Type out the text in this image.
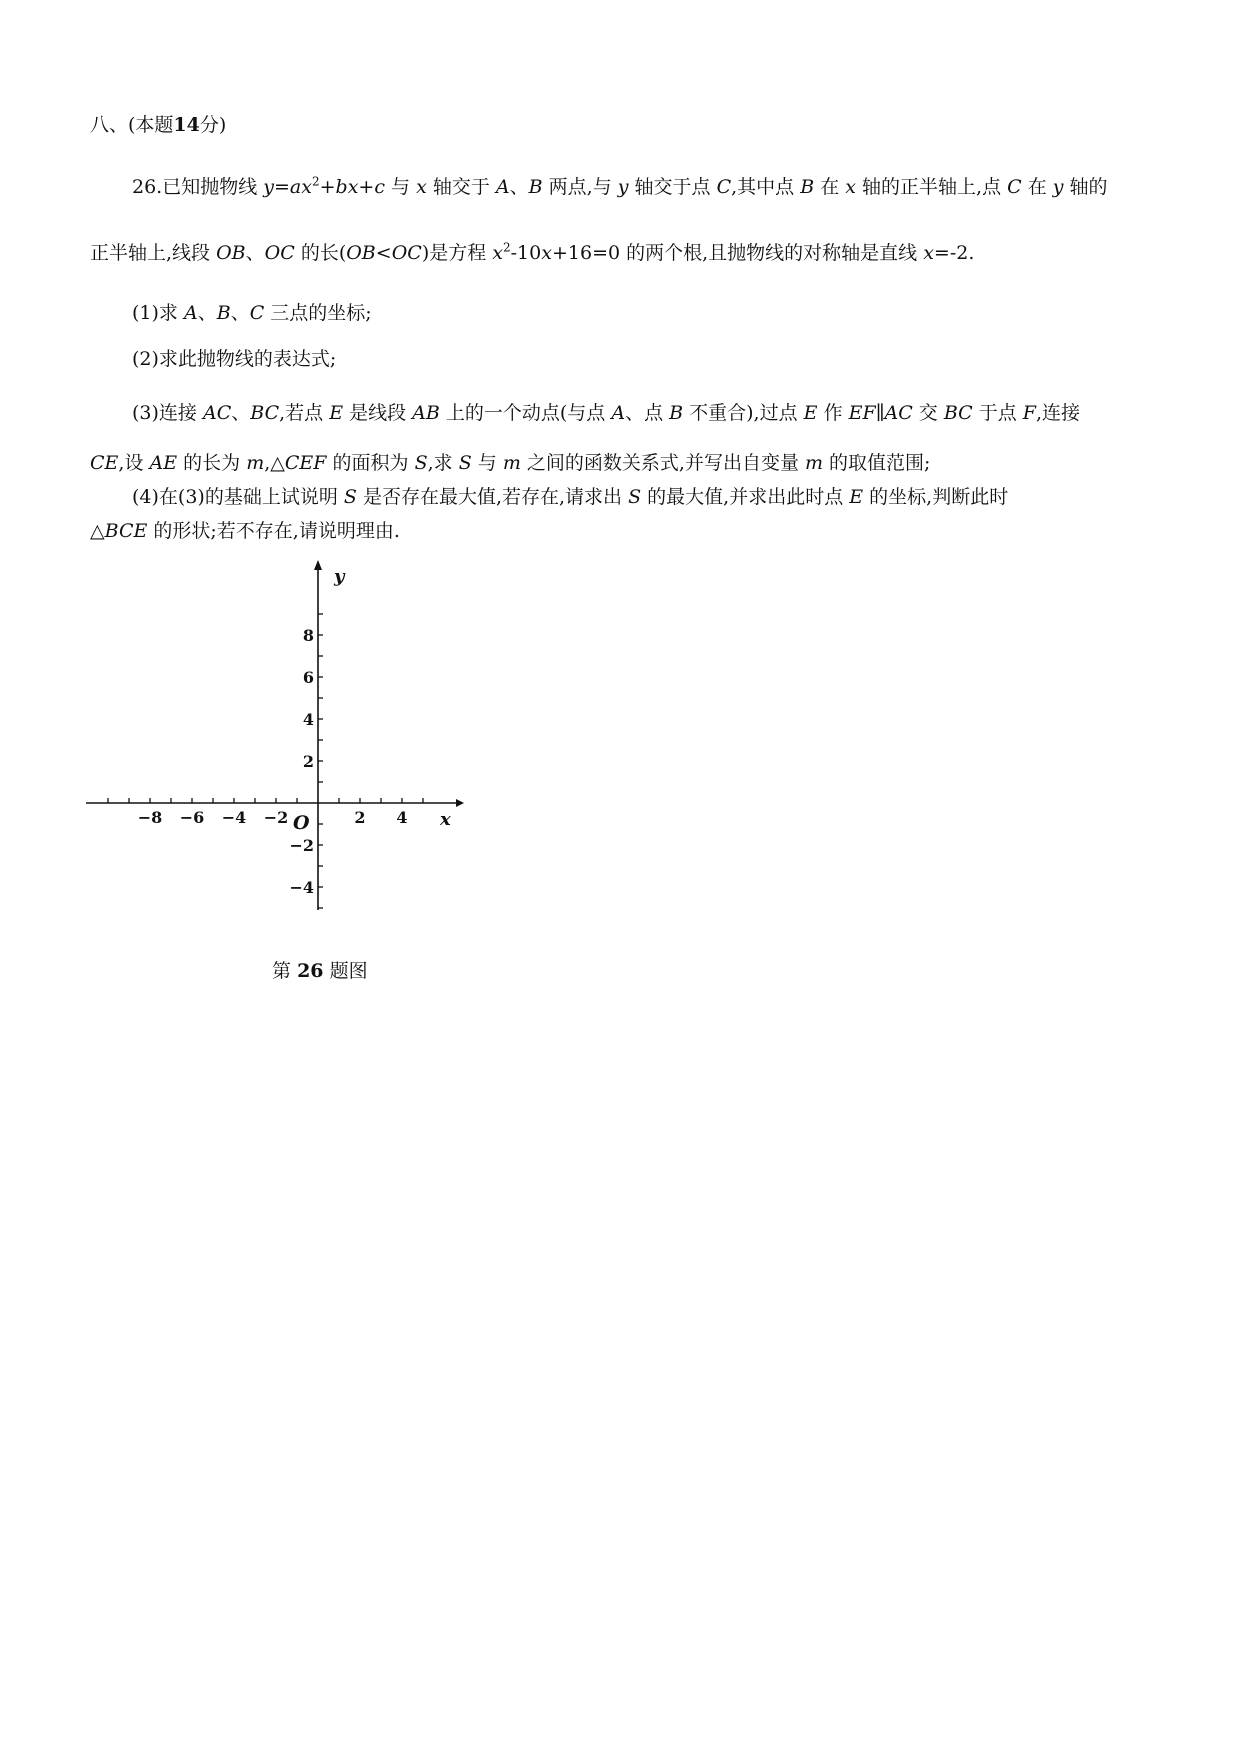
八、(本题14分)
26.已知抛物线 $y=ax^2+bx+c$ 与 x 轴交于 A、B 两点,与 y 轴交于点 C,其中点 B 在 x 轴的正半轴上,点 C 在 y 轴的
正半轴上,线段 OB、OC 的长(OB<OC)是方程 $x^2-10x+16=0$ 的两个根,且抛物线的对称轴是直线 x=-2.
(1)求 A、B、C 三点的坐标;
(2)求此抛物线的表达式;
(3)连接 AC、BC,若点 E 是线段 AB 上的一个动点(与点 A、点 B 不重合),过点 E 作 EF∥AC 交 BC 于点 F,连接
CE,设 AE 的长为 m,△CEF 的面积为 S,求 S 与 m 之间的函数关系式,并写出自变量 m 的取值范围;
(4)在(3)的基础上试说明 S 是否存在最大值,若存在,请求出 S 的最大值,并求出此时点 E 的坐标,判断此时
△BCE 的形状;若不存在,请说明理由.
−8 −6 −4 −2	2 4
8
6
4
2
−2
−4
y
x
O
第 26 题图
